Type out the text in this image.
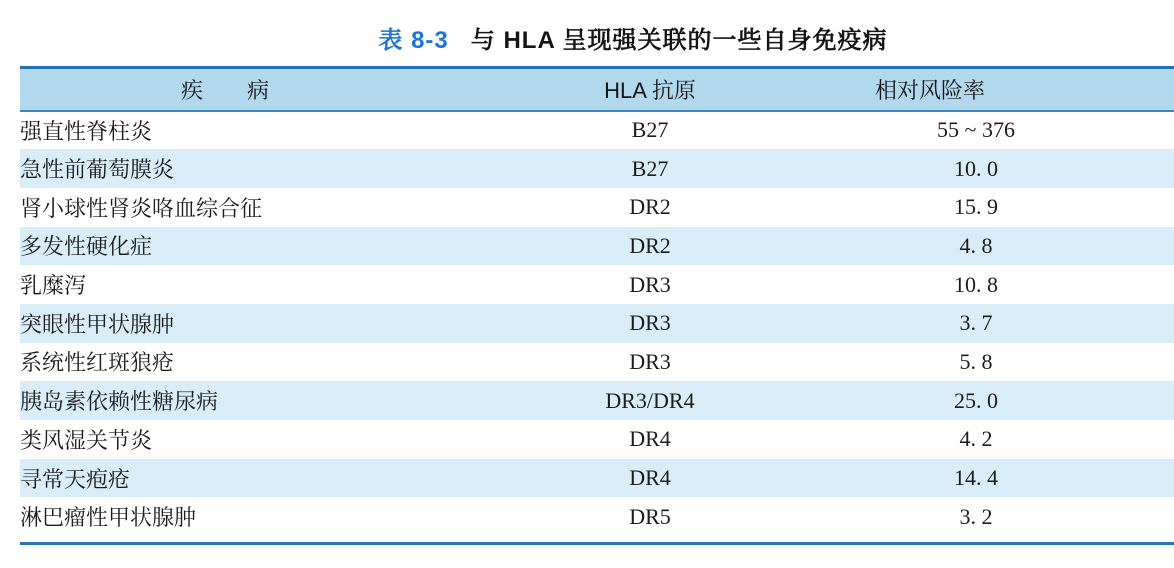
表 8-3 与 HLA 呈现强关联的一些自身免疫病
疾　　病	HLA 抗原	相对风险率	
强直性脊柱炎	B27	55 ~ 376	
急性前葡萄膜炎	B27	10. 0	
肾小球性肾炎咯血综合征	DR2	15. 9	
多发性硬化症	DR2	4. 8	
乳糜泻	DR3	10. 8	
突眼性甲状腺肿	DR3	3. 7	
系统性红斑狼疮	DR3	5. 8	
胰岛素依赖性糖尿病	DR3/DR4	25. 0	
类风湿关节炎	DR4	4. 2	
寻常天疱疮	DR4	14. 4	
淋巴瘤性甲状腺肿	DR5	3. 2	
